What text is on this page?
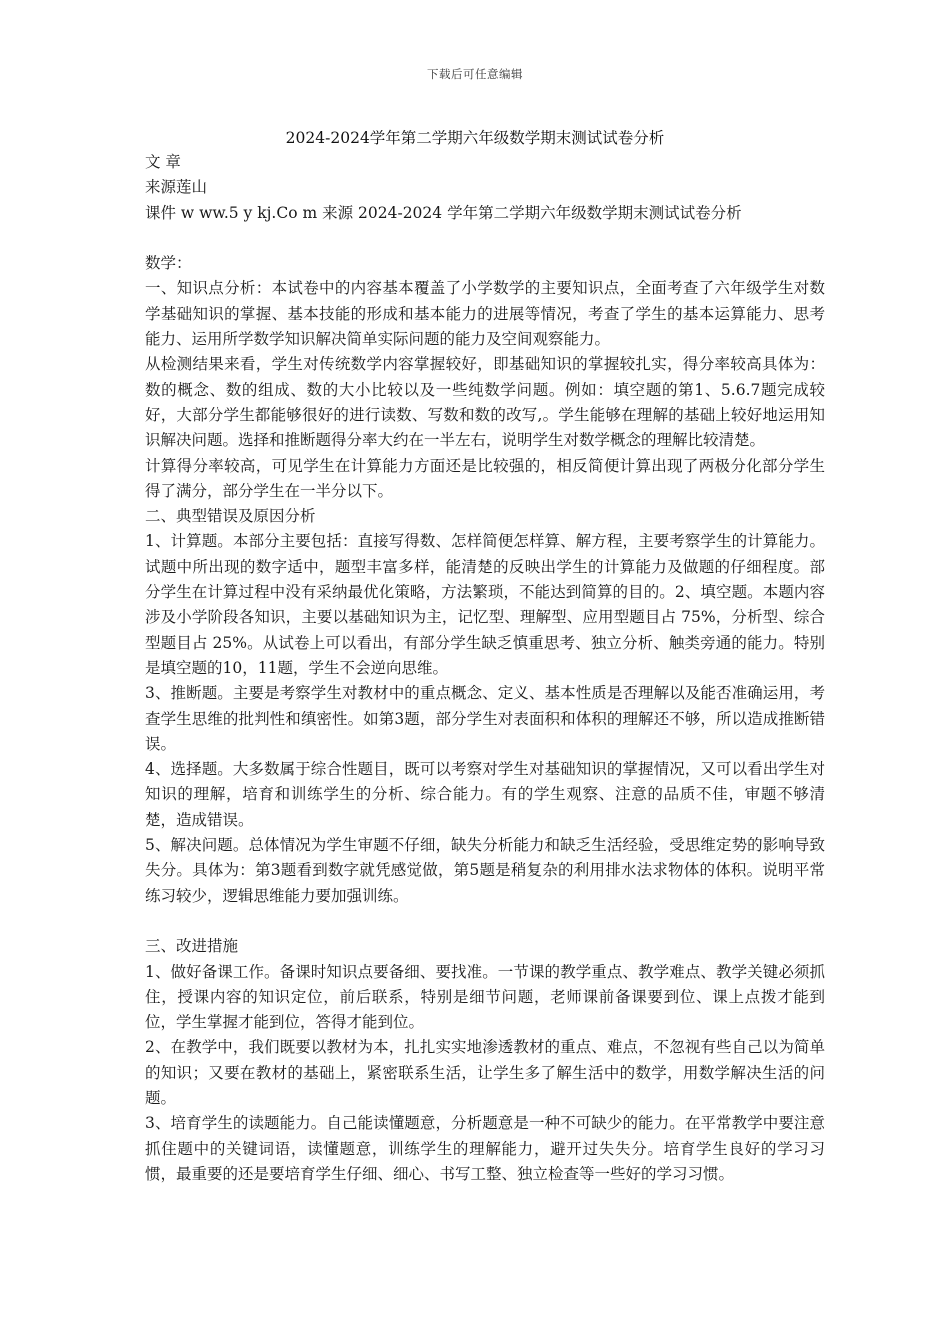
下载后可任意编辑
2024-2024学年第二学期六年级数学期末测试试卷分析

文 章

来源莲山

课件 w ww.5 y kj.Co m 来源 2024-2024 学年第二学期六年级数学期末测试试卷分析

数学：

一、知识点分析：本试卷中的内容基本覆盖了小学数学的主要知识点，全面考查了六年级学生对数学基础知识的掌握、基本技能的形成和基本能力的进展等情况，考查了学生的基本运算能力、思考能力、运用所学数学知识解决简单实际问题的能力及空间观察能力。

从检测结果来看，学生对传统数学内容掌握较好，即基础知识的掌握较扎实，得分率较高具体为：数的概念、数的组成、数的大小比较以及一些纯数学问题。例如：填空题的第1、5.6.7题完成较好，大部分学生都能够很好的进行读数、写数和数的改写,。学生能够在理解的基础上较好地运用知识解决问题。选择和推断题得分率大约在一半左右，说明学生对数学概念的理解比较清楚。

计算得分率较高，可见学生在计算能力方面还是比较强的，相反简便计算出现了两极分化部分学生得了满分，部分学生在一半分以下。

二、典型错误及原因分析

1、计算题。本部分主要包括：直接写得数、怎样简便怎样算、解方程，主要考察学生的计算能力。试题中所出现的数字适中，题型丰富多样，能清楚的反映出学生的计算能力及做题的仔细程度。部分学生在计算过程中没有采纳最优化策略，方法繁琐，不能达到简算的目的。2、填空题。本题内容涉及小学阶段各知识，主要以基础知识为主，记忆型、理解型、应用型题目占 75%，分析型、综合型题目占 25%。从试卷上可以看出，有部分学生缺乏慎重思考、独立分析、触类旁通的能力。特别是填空题的10，11题，学生不会逆向思维。

3、推断题。主要是考察学生对教材中的重点概念、定义、基本性质是否理解以及能否准确运用，考查学生思维的批判性和缜密性。如第3题，部分学生对表面积和体积的理解还不够，所以造成推断错误。

4、选择题。大多数属于综合性题目，既可以考察对学生对基础知识的掌握情况，又可以看出学生对知识的理解，培育和训练学生的分析、综合能力。有的学生观察、注意的品质不佳，审题不够清楚，造成错误。

5、解决问题。总体情况为学生审题不仔细，缺失分析能力和缺乏生活经验，受思维定势的影响导致失分。具体为：第3题看到数字就凭感觉做，第5题是稍复杂的利用排水法求物体的体积。说明平常练习较少，逻辑思维能力要加强训练。

三、改进措施

1、做好备课工作。备课时知识点要备细、要找准。一节课的教学重点、教学难点、教学关键必须抓住，授课内容的知识定位，前后联系，特别是细节问题，老师课前备课要到位、课上点拨才能到位，学生掌握才能到位，答得才能到位。

2、在教学中，我们既要以教材为本，扎扎实实地渗透教材的重点、难点，不忽视有些自己以为简单的知识；又要在教材的基础上，紧密联系生活，让学生多了解生活中的数学，用数学解决生活的问题。

3、培育学生的读题能力。自己能读懂题意，分析题意是一种不可缺少的能力。在平常教学中要注意抓住题中的关键词语，读懂题意，训练学生的理解能力，避开过失失分。培育学生良好的学习习惯，最重要的还是要培育学生仔细、细心、书写工整、独立检查等一些好的学习习惯。
